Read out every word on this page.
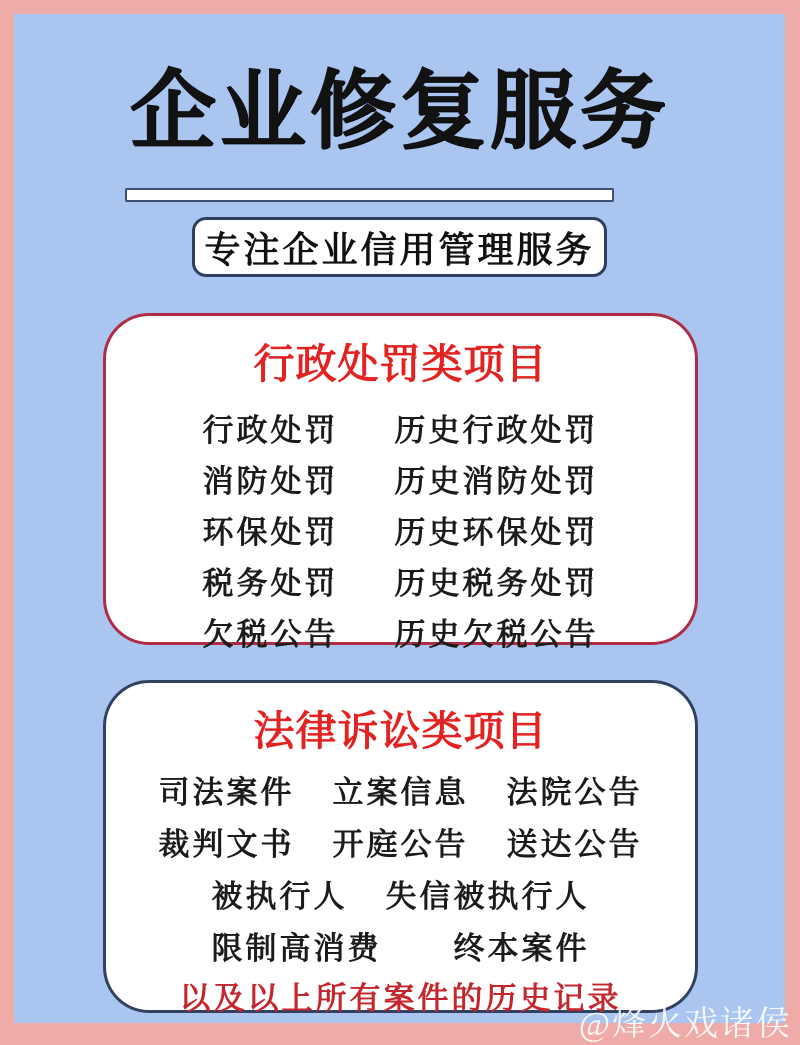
企业修复服务
专注企业信用管理服务
行政处罚类项目
行政处罚 历史行政处罚
消防处罚 历史消防处罚
环保处罚 历史环保处罚
税务处罚 历史税务处罚
欠税公告 历史欠税公告
法律诉讼类项目
司法案件 立案信息 法院公告
裁判文书 开庭公告 送达公告
被执行人 失信被执行人
限制高消费 终本案件
以及以上所有案件的历史记录
@烽火戏诸侯
